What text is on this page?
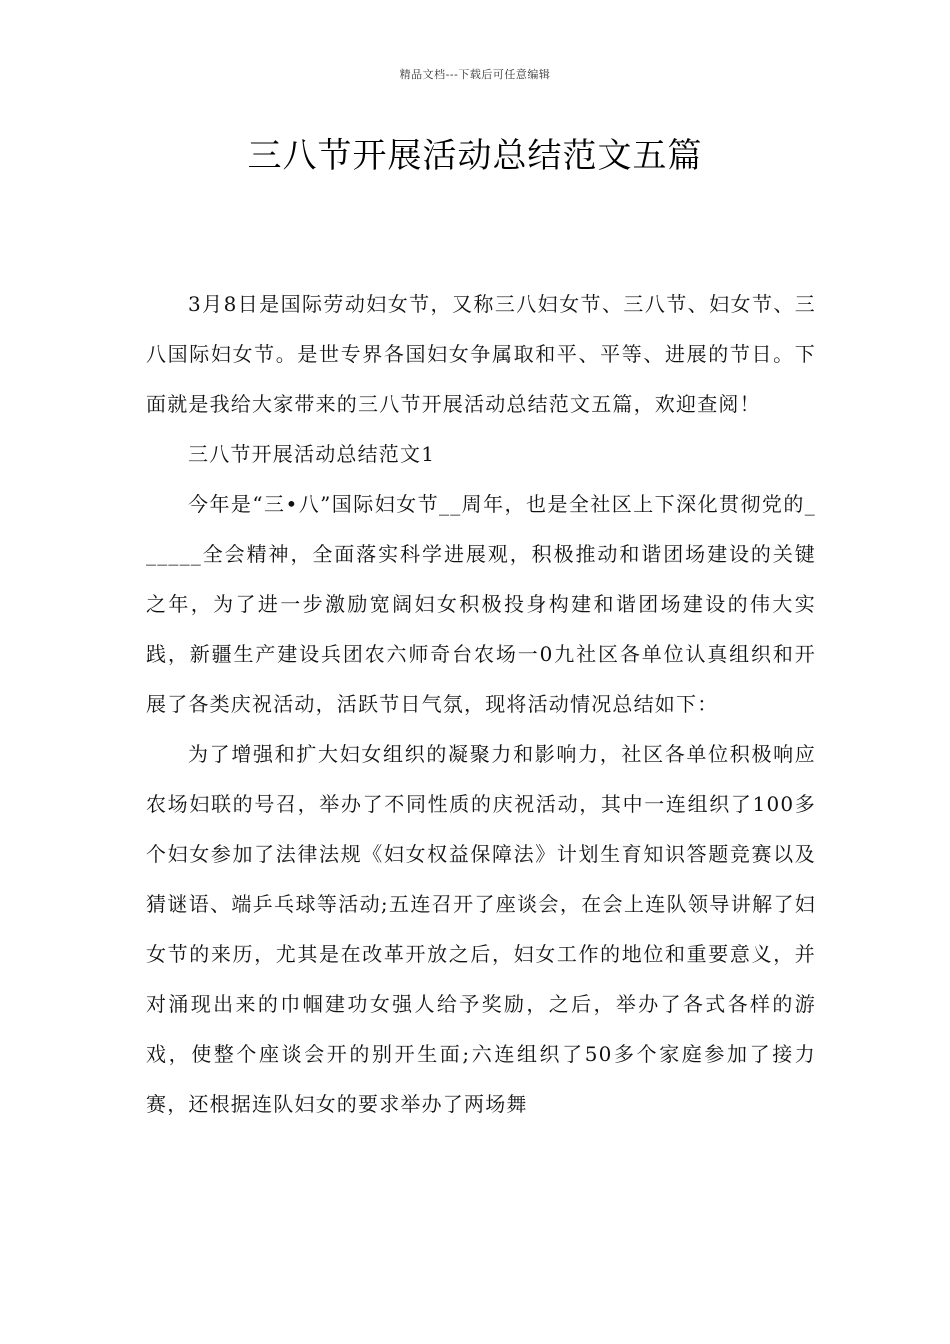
精品文档---下载后可任意编辑
三八节开展活动总结范文五篇

3月8日是国际劳动妇女节，又称三八妇女节、三八节、妇女节、三八国际妇女节。是世专界各国妇女争属取和平、平等、进展的节日。下面就是我给大家带来的三八节开展活动总结范文五篇，欢迎查阅！

三八节开展活动总结范文1

今年是“三•八”国际妇女节__周年，也是全社区上下深化贯彻党的______全会精神，全面落实科学进展观，积极推动和谐团场建设的关键之年，为了进一步激励宽阔妇女积极投身构建和谐团场建设的伟大实践，新疆生产建设兵团农六师奇台农场一0九社区各单位认真组织和开展了各类庆祝活动，活跃节日气氛，现将活动情况总结如下：

为了增强和扩大妇女组织的凝聚力和影响力，社区各单位积极响应农场妇联的号召，举办了不同性质的庆祝活动，其中一连组织了100多个妇女参加了法律法规《妇女权益保障法》计划生育知识答题竞赛以及猜谜语、端乒乓球等活动;五连召开了座谈会，在会上连队领导讲解了妇女节的来历，尤其是在改革开放之后，妇女工作的地位和重要意义，并对涌现出来的巾帼建功女强人给予奖励，之后，举办了各式各样的游戏，使整个座谈会开的别开生面;六连组织了50多个家庭参加了接力赛，还根据连队妇女的要求举办了两场舞
